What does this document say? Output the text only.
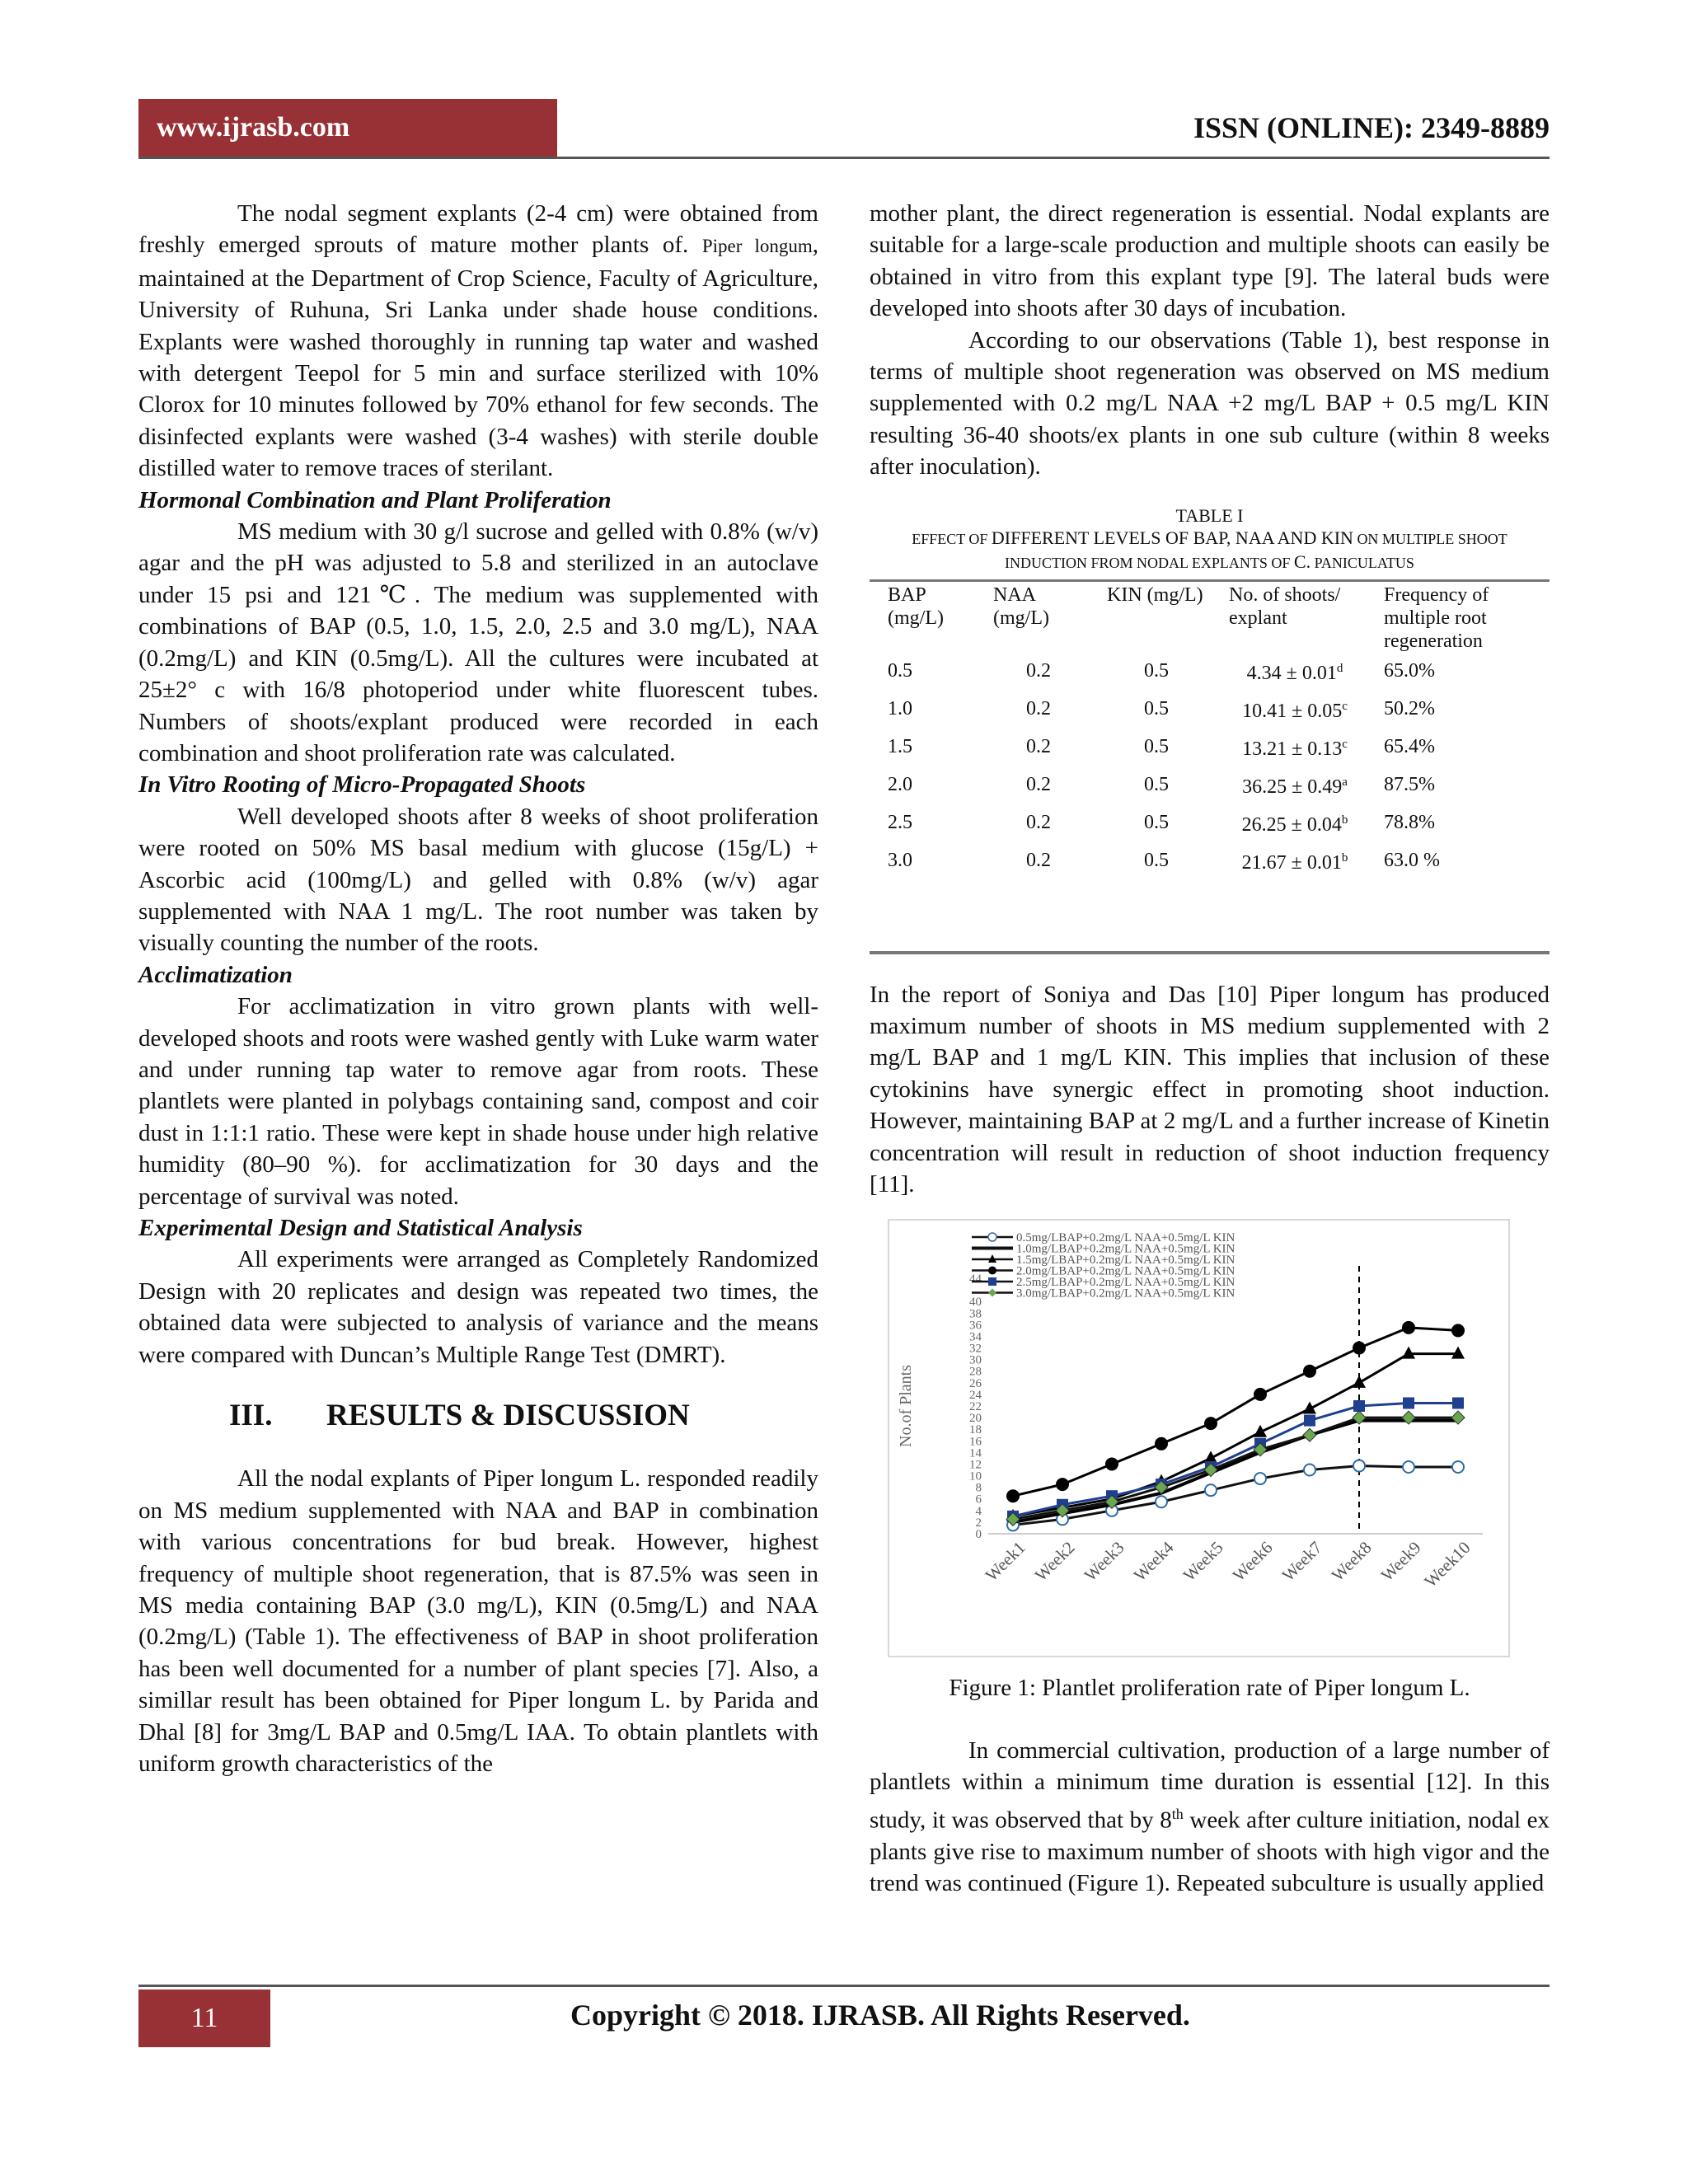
www.ijrasb.com	ISSN (ONLINE): 2349-8889

The nodal segment explants (2-4 cm) were obtained from freshly emerged sprouts of mature mother plants of. Piper longum, maintained at the Department of Crop Science, Faculty of Agriculture, University of Ruhuna, Sri Lanka under shade house conditions. Explants were washed thoroughly in running tap water and washed with detergent Teepol for 5 min and surface sterilized with 10% Clorox for 10 minutes followed by 70% ethanol for few seconds. The disinfected explants were washed (3-4 washes) with sterile double distilled water to remove traces of sterilant.

Hormonal Combination and Plant Proliferation

MS medium with 30 g/l sucrose and gelled with 0.8% (w/v) agar and the pH was adjusted to 5.8 and sterilized in an autoclave under 15 psi and 121℃. The medium was supplemented with combinations of BAP (0.5, 1.0, 1.5, 2.0, 2.5 and 3.0 mg/L), NAA (0.2mg/L) and KIN (0.5mg/L). All the cultures were incubated at 25±2° c with 16/8 photoperiod under white fluorescent tubes. Numbers of shoots/explant produced were recorded in each combination and shoot proliferation rate was calculated.

In Vitro Rooting of Micro-Propagated Shoots

Well developed shoots after 8 weeks of shoot proliferation were rooted on 50% MS basal medium with glucose (15g/L) + Ascorbic acid (100mg/L) and gelled with 0.8% (w/v) agar supplemented with NAA 1 mg/L. The root number was taken by visually counting the number of the roots.

Acclimatization

For acclimatization in vitro grown plants with well-developed shoots and roots were washed gently with Luke warm water and under running tap water to remove agar from roots. These plantlets were planted in polybags containing sand, compost and coir dust in 1:1:1 ratio. These were kept in shade house under high relative humidity (80–90 %). for acclimatization for 30 days and the percentage of survival was noted.

Experimental Design and Statistical Analysis

All experiments were arranged as Completely Randomized Design with 20 replicates and design was repeated two times, the obtained data were subjected to analysis of variance and the means were compared with Duncan’s Multiple Range Test (DMRT).

III. RESULTS & DISCUSSION

All the nodal explants of Piper longum L. responded readily on MS medium supplemented with NAA and BAP in combination with various concentrations for bud break. However, highest frequency of multiple shoot regeneration, that is 87.5% was seen in MS media containing BAP (3.0 mg/L), KIN (0.5mg/L) and NAA (0.2mg/L) (Table 1). The effectiveness of BAP in shoot proliferation has been well documented for a number of plant species [7]. Also, a simillar result has been obtained for Piper longum L. by Parida and Dhal [8] for 3mg/L BAP and 0.5mg/L IAA. To obtain plantlets with uniform growth characteristics of the

mother plant, the direct regeneration is essential. Nodal explants are suitable for a large-scale production and multiple shoots can easily be obtained in vitro from this explant type [9]. The lateral buds were developed into shoots after 30 days of incubation.

According to our observations (Table 1), best response in terms of multiple shoot regeneration was observed on MS medium supplemented with 0.2 mg/L NAA +2 mg/L BAP + 0.5 mg/L KIN resulting 36-40 shoots/ex plants in one sub culture (within 8 weeks after inoculation).

TABLE I
EFFECT OF DIFFERENT LEVELS OF BAP, NAA AND KIN ON MULTIPLE SHOOT INDUCTION FROM NODAL EXPLANTS OF C. PANICULATUS
BAP (mg/L)	NAA (mg/L)	KIN (mg/L)	No. of shoots/ explant	Frequency of multiple root regeneration
0.5	0.2	0.5	4.34 ± 0.01$^d$	65.0%
1.0	0.2	0.5	10.41 ± 0.05$^c$	50.2%
1.5	0.2	0.5	13.21 ± 0.13$^c$	65.4%
2.0	0.2	0.5	36.25 ± 0.49$^a$	87.5%
2.5	0.2	0.5	26.25 ± 0.04$^b$	78.8%
3.0	0.2	0.5	21.67 ± 0.01$^b$	63.0 %

In the report of Soniya and Das [10] Piper longum has produced maximum number of shoots in MS medium supplemented with 2 mg/L BAP and 1 mg/L KIN. This implies that inclusion of these cytokinins have synergic effect in promoting shoot induction. However, maintaining BAP at 2 mg/L and a further increase of Kinetin concentration will result in reduction of shoot induction frequency [11].

0
2
4
6
8
10
12
14
16
18
20
22
24
26
28
30
32
34
36
38
40
44
No.of Plants
Week1 Week2 Week3 Week4 Week5 Week6 Week7 Week8 Week9
Week10
0.5mg/LBAP+0.2mg/L NAA+0.5mg/L KIN
1.0mg/LBAP+0.2mg/L NAA+0.5mg/L KIN
1.5mg/LBAP+0.2mg/L NAA+0.5mg/L KIN
2.0mg/LBAP+0.2mg/L NAA+0.5mg/L KIN
2.5mg/LBAP+0.2mg/L NAA+0.5mg/L KIN
3.0mg/LBAP+0.2mg/L NAA+0.5mg/L KIN
Figure 1: Plantlet proliferation rate of Piper longum L.

In commercial cultivation, production of a large number of plantlets within a minimum time duration is essential [12]. In this study, it was observed that by 8th week after culture initiation, nodal ex plants give rise to maximum number of shoots with high vigor and the trend was continued (Figure 1). Repeated subculture is usually applied

11	Copyright © 2018. IJRASB. All Rights Reserved.
